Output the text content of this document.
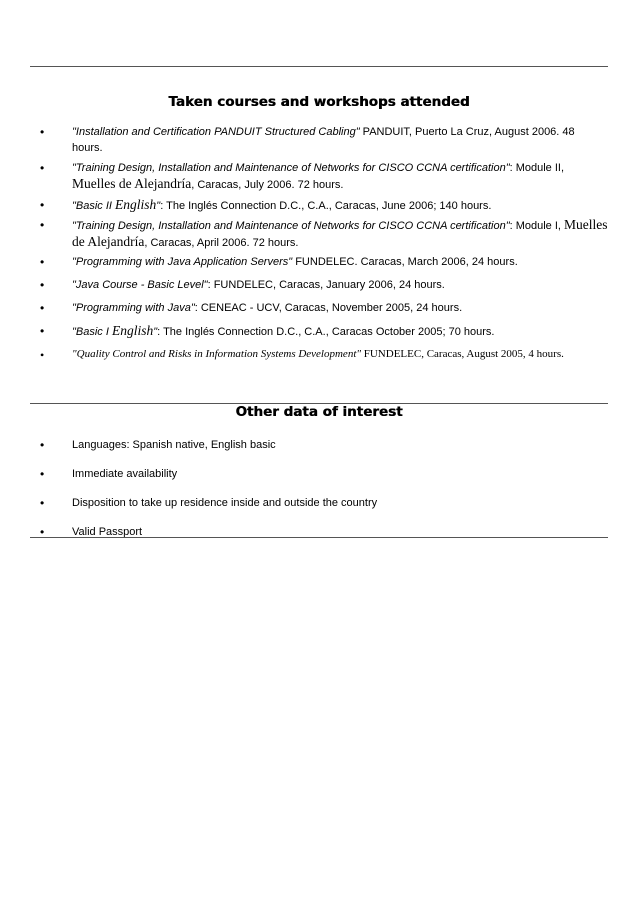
Taken courses and workshops attended
•	"Installation and Certification PANDUIT Structured Cabling" PANDUIT, Puerto La Cruz, August 2006. 48 hours.
•	"Training Design, Installation and Maintenance of Networks for CISCO CCNA certification": Module II, Muelles de Alejandría, Caracas, July 2006. 72 hours.
•	"Basic II English": The Inglés Connection D.C., C.A., Caracas, June 2006; 140 hours.
•	"Training Design, Installation and Maintenance of Networks for CISCO CCNA certification": Module I, Muelles de Alejandría, Caracas, April 2006. 72 hours.
•	"Programming with Java Application Servers" FUNDELEC. Caracas, March 2006, 24 hours.
•	"Java Course - Basic Level": FUNDELEC, Caracas, January 2006, 24 hours.
•	"Programming with Java": CENEAC - UCV, Caracas, November 2005, 24 hours.
•	"Basic I English": The Inglés Connection D.C., C.A., Caracas October 2005; 70 hours.
•	"Quality Control and Risks in Information Systems Development" FUNDELEC, Caracas, August 2005, 4 hours.
Other data of interest
•	Languages: Spanish native, English basic
•	Immediate availability
•	Disposition to take up residence inside and outside the country
•	Valid Passport
